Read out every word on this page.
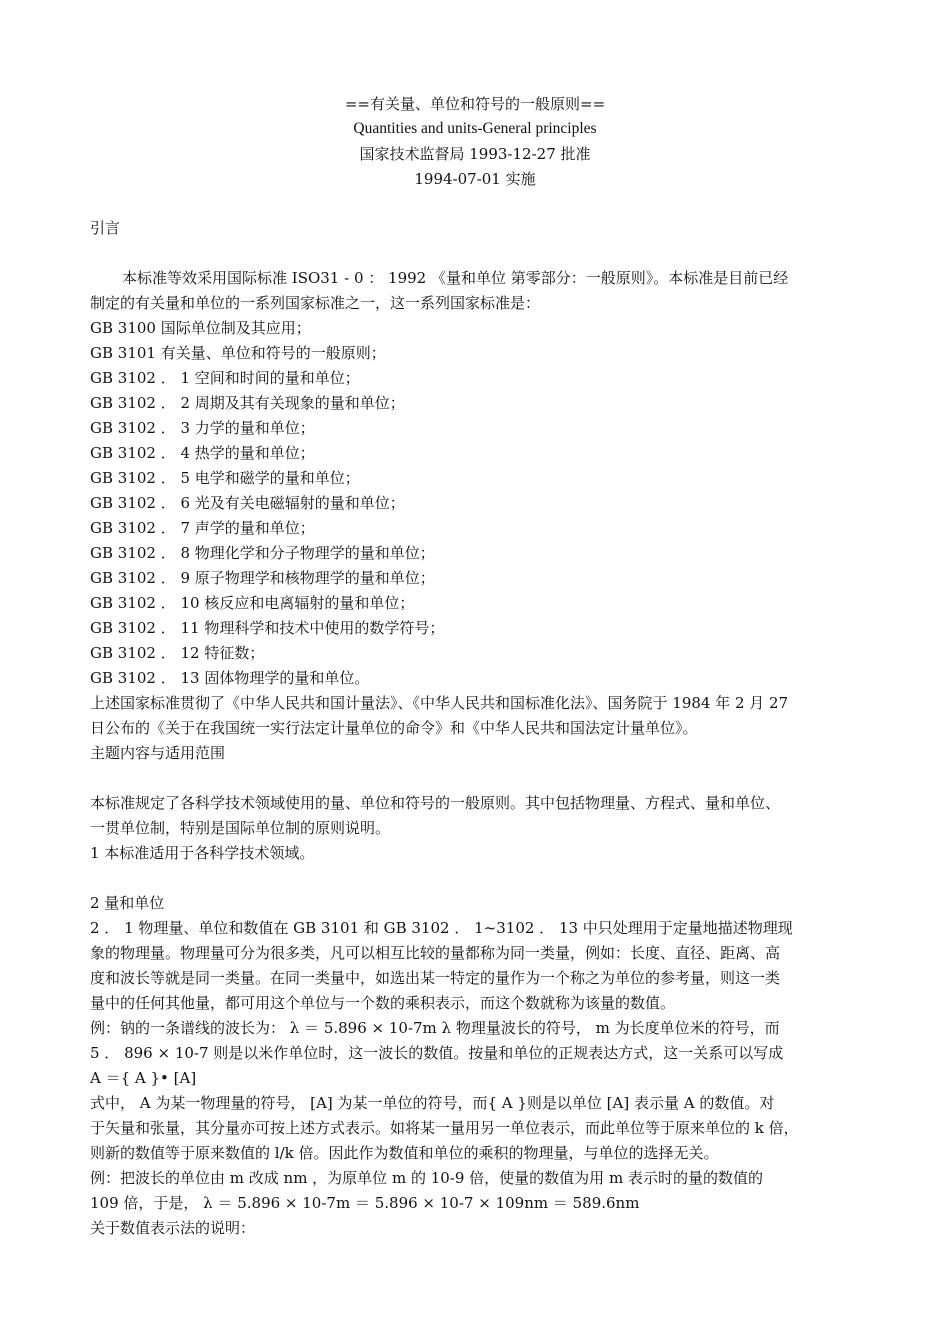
==有关量、单位和符号的一般原则==
Quantities and units-General principles
国家技术监督局 1993-12-27 批准
1994-07-01 实施
引言
本标准等效采用国际标准 ISO31 - 0 ： 1992 《量和单位 第零部分：一般原则》。本标准是目前已经
制定的有关量和单位的一系列国家标准之一，这一系列国家标准是：
GB 3100 国际单位制及其应用；
GB 3101 有关量、单位和符号的一般原则；
GB 3102 ． 1 空间和时间的量和单位；
GB 3102 ． 2 周期及其有关现象的量和单位；
GB 3102 ． 3 力学的量和单位；
GB 3102 ． 4 热学的量和单位；
GB 3102 ． 5 电学和磁学的量和单位；
GB 3102 ． 6 光及有关电磁辐射的量和单位；
GB 3102 ． 7 声学的量和单位；
GB 3102 ． 8 物理化学和分子物理学的量和单位；
GB 3102 ． 9 原子物理学和核物理学的量和单位；
GB 3102 ． 10 核反应和电离辐射的量和单位；
GB 3102 ． 11 物理科学和技术中使用的数学符号；
GB 3102 ． 12 特征数；
GB 3102 ． 13 固体物理学的量和单位。
上述国家标准贯彻了《中华人民共和国计量法》、《中华人民共和国标准化法》、国务院于 1984 年 2 月 27
日公布的《关于在我国统一实行法定计量单位的命令》和《中华人民共和国法定计量单位》。
主题内容与适用范围
本标准规定了各科学技术领域使用的量、单位和符号的一般原则。其中包括物理量、方程式、量和单位、
一贯单位制，特别是国际单位制的原则说明。
1 本标准适用于各科学技术领域。
2 量和单位
2 ． 1 物理量、单位和数值在 GB 3101 和 GB 3102 ． 1~3102 ． 13 中只处理用于定量地描述物理现
象的物理量。物理量可分为很多类，凡可以相互比较的量都称为同一类量，例如：长度、直径、距离、高
度和波长等就是同一类量。在同一类量中，如选出某一特定的量作为一个称之为单位的参考量，则这一类
量中的任何其他量，都可用这个单位与一个数的乘积表示，而这个数就称为该量的数值。
例：钠的一条谱线的波长为： λ ＝ 5.896 × 10-7m λ 物理量波长的符号， m 为长度单位米的符号，而
5 ． 896 × 10-7 则是以米作单位时，这一波长的数值。按量和单位的正规表达方式，这一关系可以写成
A ＝{ A }• [A]
式中， A 为某一物理量的符号， [A] 为某一单位的符号，而{ A }则是以单位 [A] 表示量 A 的数值。对
于矢量和张量，其分量亦可按上述方式表示。如将某一量用另一单位表示，而此单位等于原来单位的 k 倍，
则新的数值等于原来数值的 l/k 倍。因此作为数值和单位的乘积的物理量，与单位的选择无关。
例：把波长的单位由 m 改成 nm ，为原单位 m 的 10-9 倍，使量的数值为用 m 表示时的量的数值的
109 倍，于是， λ ＝ 5.896 × 10-7m ＝ 5.896 × 10-7 × 109nm ＝ 589.6nm
关于数值表示法的说明：
